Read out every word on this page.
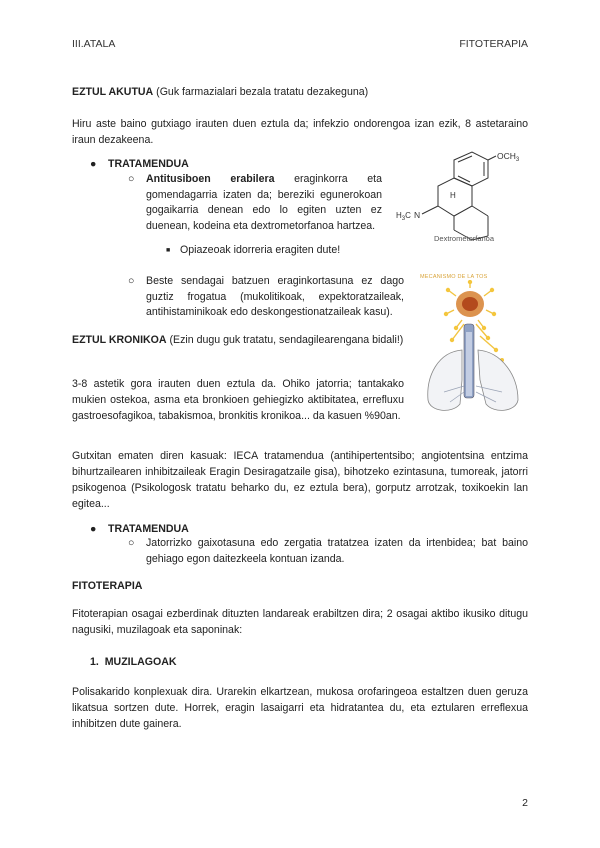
III.ATALA	FITOTERAPIA
EZTUL AKUTUA (Guk farmazialari bezala tratatu dezakeguna)
Hiru aste baino gutxiago irauten duen eztula da; infekzio ondorengoa izan ezik, 8 astetaraino iraun dezakeena.
● TRATAMENDUA
○ Antitusiboen erabilera eraginkorra eta gomendagarria izaten da; bereziki egunerokoan gogaikarria denean edo lo egiten uzten ez duenean, kodeina eta dextrometorfanoa hartzea.
■ Opiazeoak idorreria eragiten dute!
○ Beste sendagai batzuen eraginkortasuna ez dago guztiz frogatua (mukolitikoak, expektoratzaileak, antihistaminikoak edo deskongestionatzaileak kasu).
$OCH_3$
H
N
$H_3C$
Dextrometorfanoa
MECANISMO DE LA TOS
EZTUL KRONIKOA (Ezin dugu guk tratatu, sendagilearengana bidali!)
3-8 astetik gora irauten duen eztula da. Ohiko jatorria; tantakako mukien ostekoa, asma eta bronkioen gehiegizko aktibitatea, errefluxu gastroesofagikoa, tabakismoa, bronkitis kronikoa... da kasuen %90an.
Gutxitan ematen diren kasuak: IECA tratamendua (antihipertentsibo; angiotentsina entzima bihurtzailearen inhibitzaileak Eragin Desiragatzaile gisa), bihotzeko ezintasuna, tumoreak, jatorri psikogenoa (Psikologosk tratatu beharko du, ez eztula bera), gorputz arrotzak, toxikoekin lan egitea...
● TRATAMENDUA
○ Jatorrizko gaixotasuna edo zergatia tratatzea izaten da irtenbidea; bat baino gehiago egon daitezkeela kontuan izanda.
FITOTERAPIA
Fitoterapian osagai ezberdinak dituzten landareak erabiltzen dira; 2 osagai aktibo ikusiko ditugu nagusiki, muzilagoak eta saponinak:
1. MUZILAGOAK
Polisakarido konplexuak dira. Urarekin elkartzean, mukosa orofaringeoa estaltzen duen geruza likatsua sortzen dute. Horrek, eragin lasaigarri eta hidratantea du, eta eztularen erreflexua inhibitzen dute gainera.
2
